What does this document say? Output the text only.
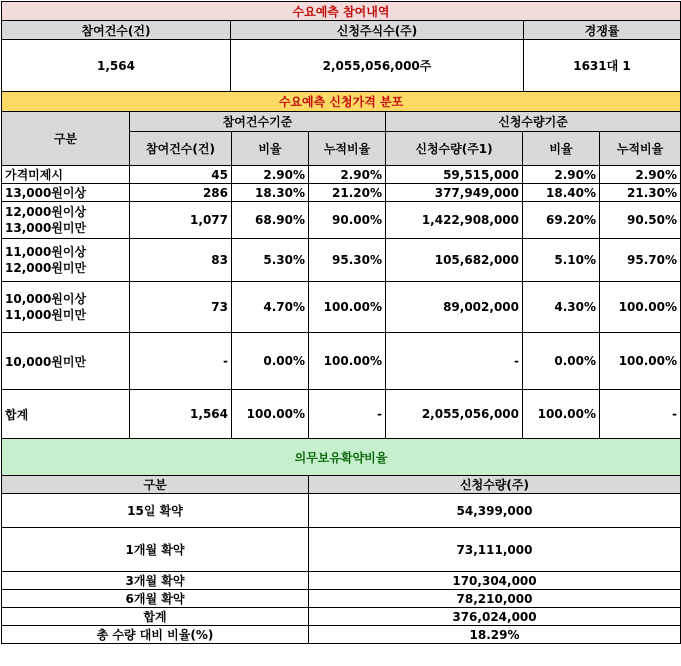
수요예측 참여내역		
참여건수(건)	신청주식수(주)	경쟁률
1,564	2,055,056,000주	1631대 1
수요예측 신청가격 분포						
구분	참여건수기준			신청수량기준		
	참여건수(건)	비율	누적비율	신청수량(주1)	비율	누적비율
가격미제시	45	2.90%	2.90%	59,515,000	2.90%	2.90%
13,000원이상	286	18.30%	21.20%	377,949,000	18.40%	21.30%
12,000원이상
13,000원미만	1,077	68.90%	90.00%	1,422,908,000	69.20%	90.50%
11,000원이상
12,000원미만	83	5.30%	95.30%	105,682,000	5.10%	95.70%
10,000원이상
11,000원미만	73	4.70%	100.00%	89,002,000	4.30%	100.00%
10,000원미만	-	0.00%	100.00%	-	0.00%	100.00%
합계	1,564	100.00%	-	2,055,056,000	100.00%	-
의무보유확약비율	
구분	신청수량(주)
15일 확약	54,399,000
1개월 확약	73,111,000
3개월 확약	170,304,000
6개월 확약	78,210,000
합계	376,024,000
총 수량 대비 비율(%)	18.29%
